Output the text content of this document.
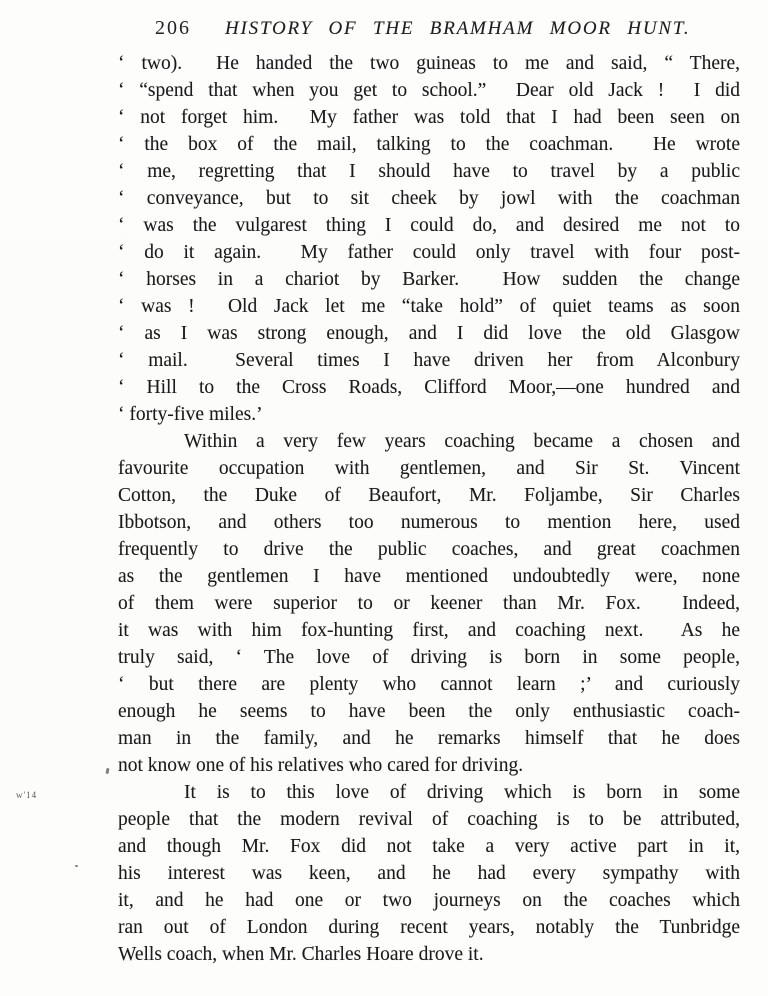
206 HISTORY OF THE BRAMHAM MOOR HUNT.
w'14
‘ two).  He handed the two guineas to me and said, “ There,
‘ “spend that when you get to school.”  Dear old Jack !  I did
‘ not forget him.  My father was told that I had been seen on
‘ the box of the mail, talking to the coachman.  He wrote
‘ me, regretting that I should have to travel by a public
‘ conveyance, but to sit cheek by jowl with the coachman
‘ was the vulgarest thing I could do, and desired me not to
‘ do it again.  My father could only travel with four post-
‘ horses in a chariot by Barker.  How sudden the change
‘ was !  Old Jack let me “take hold” of quiet teams as soon
‘ as I was strong enough, and I did love the old Glasgow
‘ mail.  Several times I have driven her from Alconbury
‘ Hill to the Cross Roads, Clifford Moor,—one hundred and
‘ forty-five miles.’
Within a very few years coaching became a chosen and
favourite occupation with gentlemen, and Sir St. Vincent
Cotton, the Duke of Beaufort, Mr. Foljambe, Sir Charles
Ibbotson, and others too numerous to mention here, used
frequently to drive the public coaches, and great coachmen
as the gentlemen I have mentioned undoubtedly were, none
of them were superior to or keener than Mr. Fox.  Indeed,
it was with him fox-hunting first, and coaching next.  As he
truly said, ‘ The love of driving is born in some people,
‘ but there are plenty who cannot learn ;’ and curiously
enough he seems to have been the only enthusiastic coach-
man in the family, and he remarks himself that he does
not know one of his relatives who cared for driving.
It is to this love of driving which is born in some
people that the modern revival of coaching is to be attributed,
and though Mr. Fox did not take a very active part in it,
his interest was keen, and he had every sympathy with
it, and he had one or two journeys on the coaches which
ran out of London during recent years, notably the Tunbridge
Wells coach, when Mr. Charles Hoare drove it.
